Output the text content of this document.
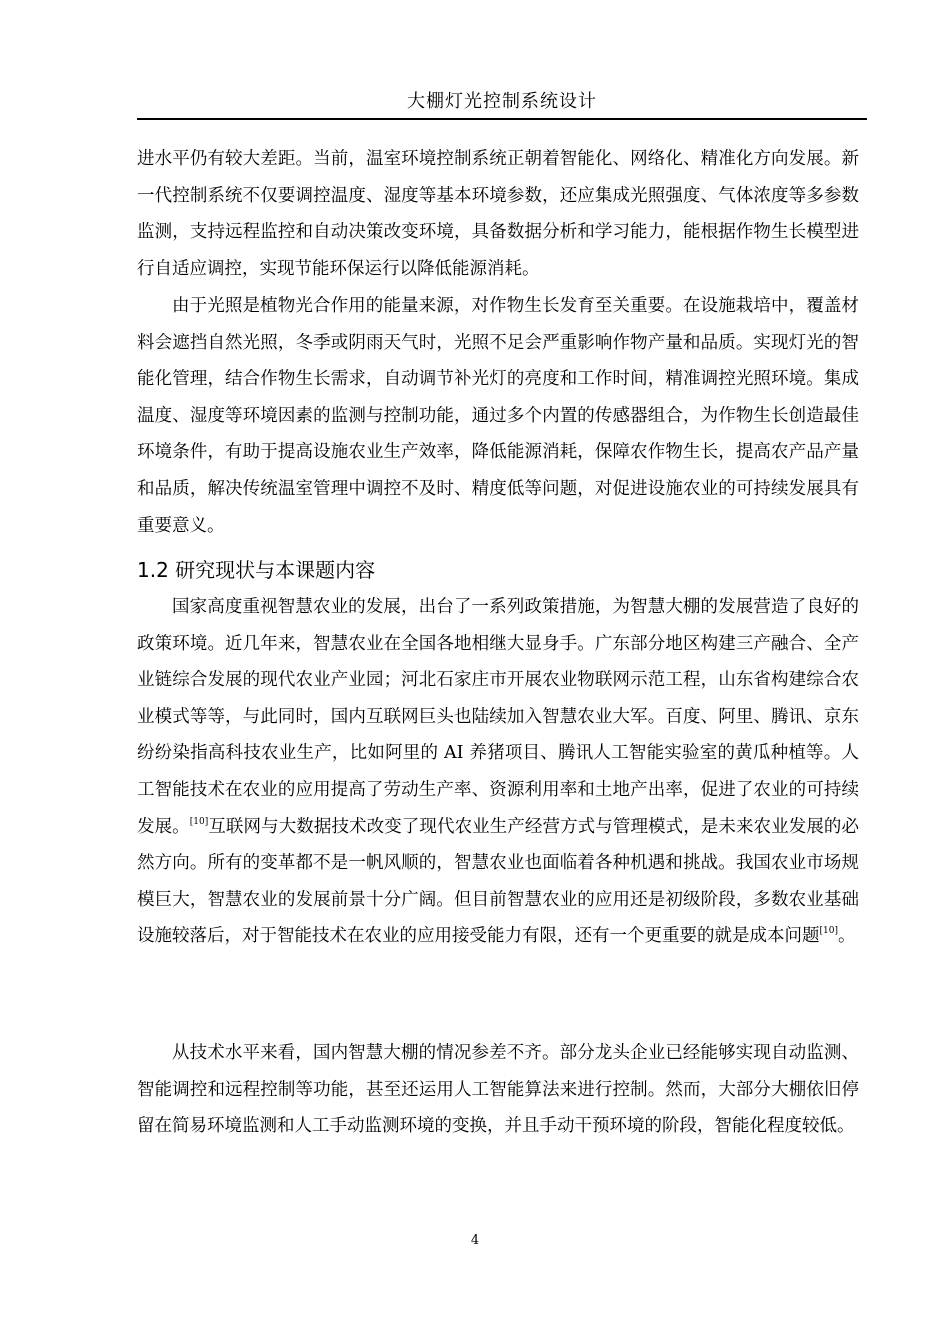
大棚灯光控制系统设计

进水平仍有较大差距。当前，温室环境控制系统正朝着智能化、网络化、精准化方向发展。新一代控制系统不仅要调控温度、湿度等基本环境参数，还应集成光照强度、气体浓度等多参数监测，支持远程监控和自动决策改变环境，具备数据分析和学习能力，能根据作物生长模型进行自适应调控，实现节能环保运行以降低能源消耗。

由于光照是植物光合作用的能量来源，对作物生长发育至关重要。在设施栽培中，覆盖材料会遮挡自然光照，冬季或阴雨天气时，光照不足会严重影响作物产量和品质。实现灯光的智能化管理，结合作物生长需求，自动调节补光灯的亮度和工作时间，精准调控光照环境。集成温度、湿度等环境因素的监测与控制功能，通过多个内置的传感器组合，为作物生长创造最佳环境条件，有助于提高设施农业生产效率，降低能源消耗，保障农作物生长，提高农产品产量和品质，解决传统温室管理中调控不及时、精度低等问题，对促进设施农业的可持续发展具有重要意义。

1.2 研究现状与本课题内容

国家高度重视智慧农业的发展，出台了一系列政策措施，为智慧大棚的发展营造了良好的政策环境。近几年来，智慧农业在全国各地相继大显身手。广东部分地区构建三产融合、全产业链综合发展的现代农业产业园；河北石家庄市开展农业物联网示范工程，山东省构建综合农业模式等等，与此同时，国内互联网巨头也陆续加入智慧农业大军。百度、阿里、腾讯、京东纷纷染指高科技农业生产，比如阿里的 AI 养猪项目、腾讯人工智能实验室的黄瓜种植等。人工智能技术在农业的应用提高了劳动生产率、资源利用率和土地产出率，促进了农业的可持续发展。[10]互联网与大数据技术改变了现代农业生产经营方式与管理模式，是未来农业发展的必然方向。所有的变革都不是一帆风顺的，智慧农业也面临着各种机遇和挑战。我国农业市场规模巨大，智慧农业的发展前景十分广阔。但目前智慧农业的应用还是初级阶段，多数农业基础设施较落后，对于智能技术在农业的应用接受能力有限，还有一个更重要的就是成本问题[10]。

从技术水平来看，国内智慧大棚的情况参差不齐。部分龙头企业已经能够实现自动监测、智能调控和远程控制等功能，甚至还运用人工智能算法来进行控制。然而，大部分大棚依旧停留在简易环境监测和人工手动监测环境的变换，并且手动干预环境的阶段，智能化程度较低。

4
